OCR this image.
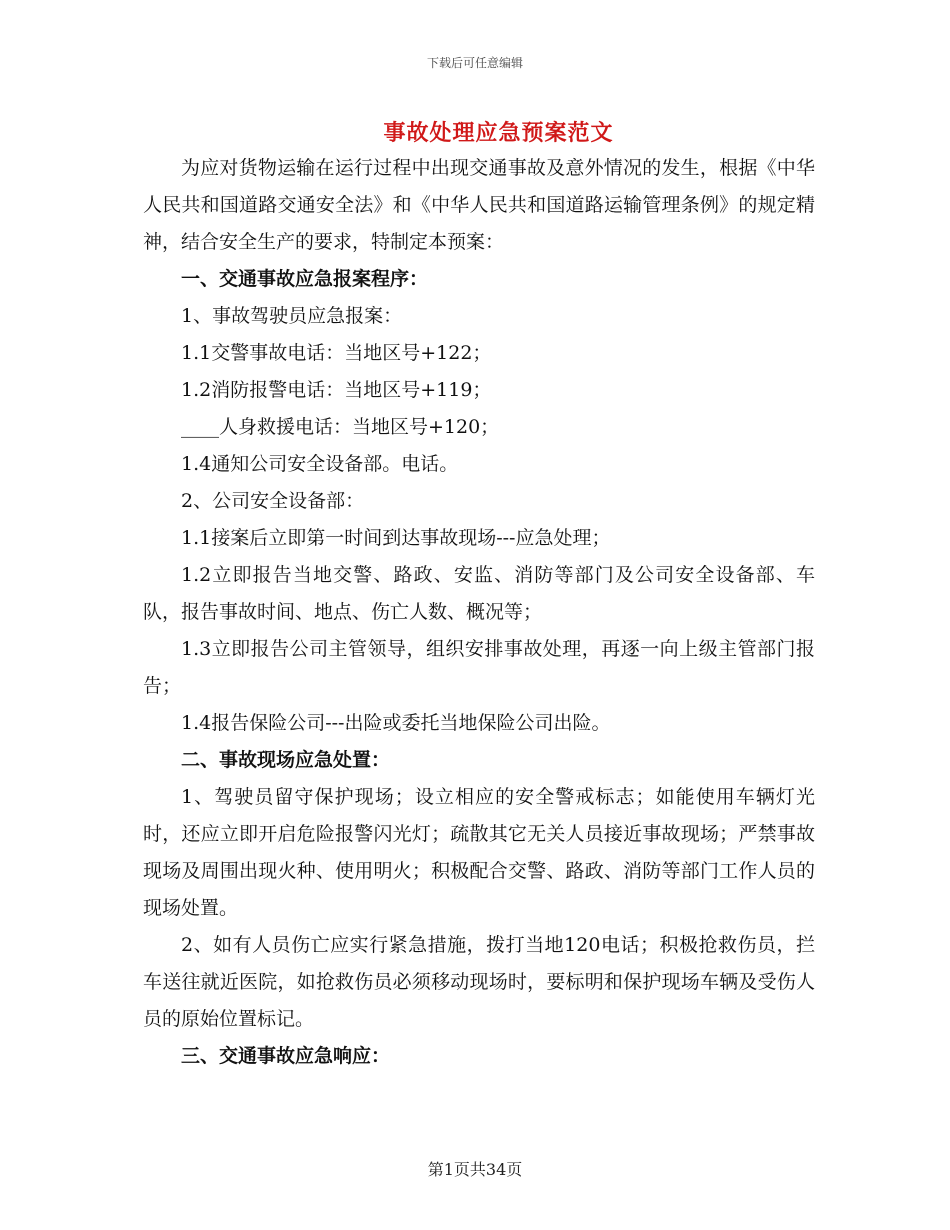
下载后可任意编辑
事故处理应急预案范文

为应对货物运输在运行过程中出现交通事故及意外情况的发生，根据《中华人民共和国道路交通安全法》和《中华人民共和国道路运输管理条例》的规定精神，结合安全生产的要求，特制定本预案：

一、交通事故应急报案程序：

1、事故驾驶员应急报案：

1.1交警事故电话：当地区号+122；

1.2消防报警电话：当地区号+119；

____人身救援电话：当地区号+120；

1.4通知公司安全设备部。电话。

2、公司安全设备部：

1.1接案后立即第一时间到达事故现场---应急处理；

1.2立即报告当地交警、路政、安监、消防等部门及公司安全设备部、车队，报告事故时间、地点、伤亡人数、概况等；

1.3立即报告公司主管领导，组织安排事故处理，再逐一向上级主管部门报告；

1.4报告保险公司---出险或委托当地保险公司出险。

二、事故现场应急处置：

1、驾驶员留守保护现场；设立相应的安全警戒标志；如能使用车辆灯光时，还应立即开启危险报警闪光灯；疏散其它无关人员接近事故现场；严禁事故现场及周围出现火种、使用明火；积极配合交警、路政、消防等部门工作人员的现场处置。

2、如有人员伤亡应实行紧急措施，拨打当地120电话；积极抢救伤员，拦车送往就近医院，如抢救伤员必须移动现场时，要标明和保护现场车辆及受伤人员的原始位置标记。

三、交通事故应急响应：

第1页共34页
